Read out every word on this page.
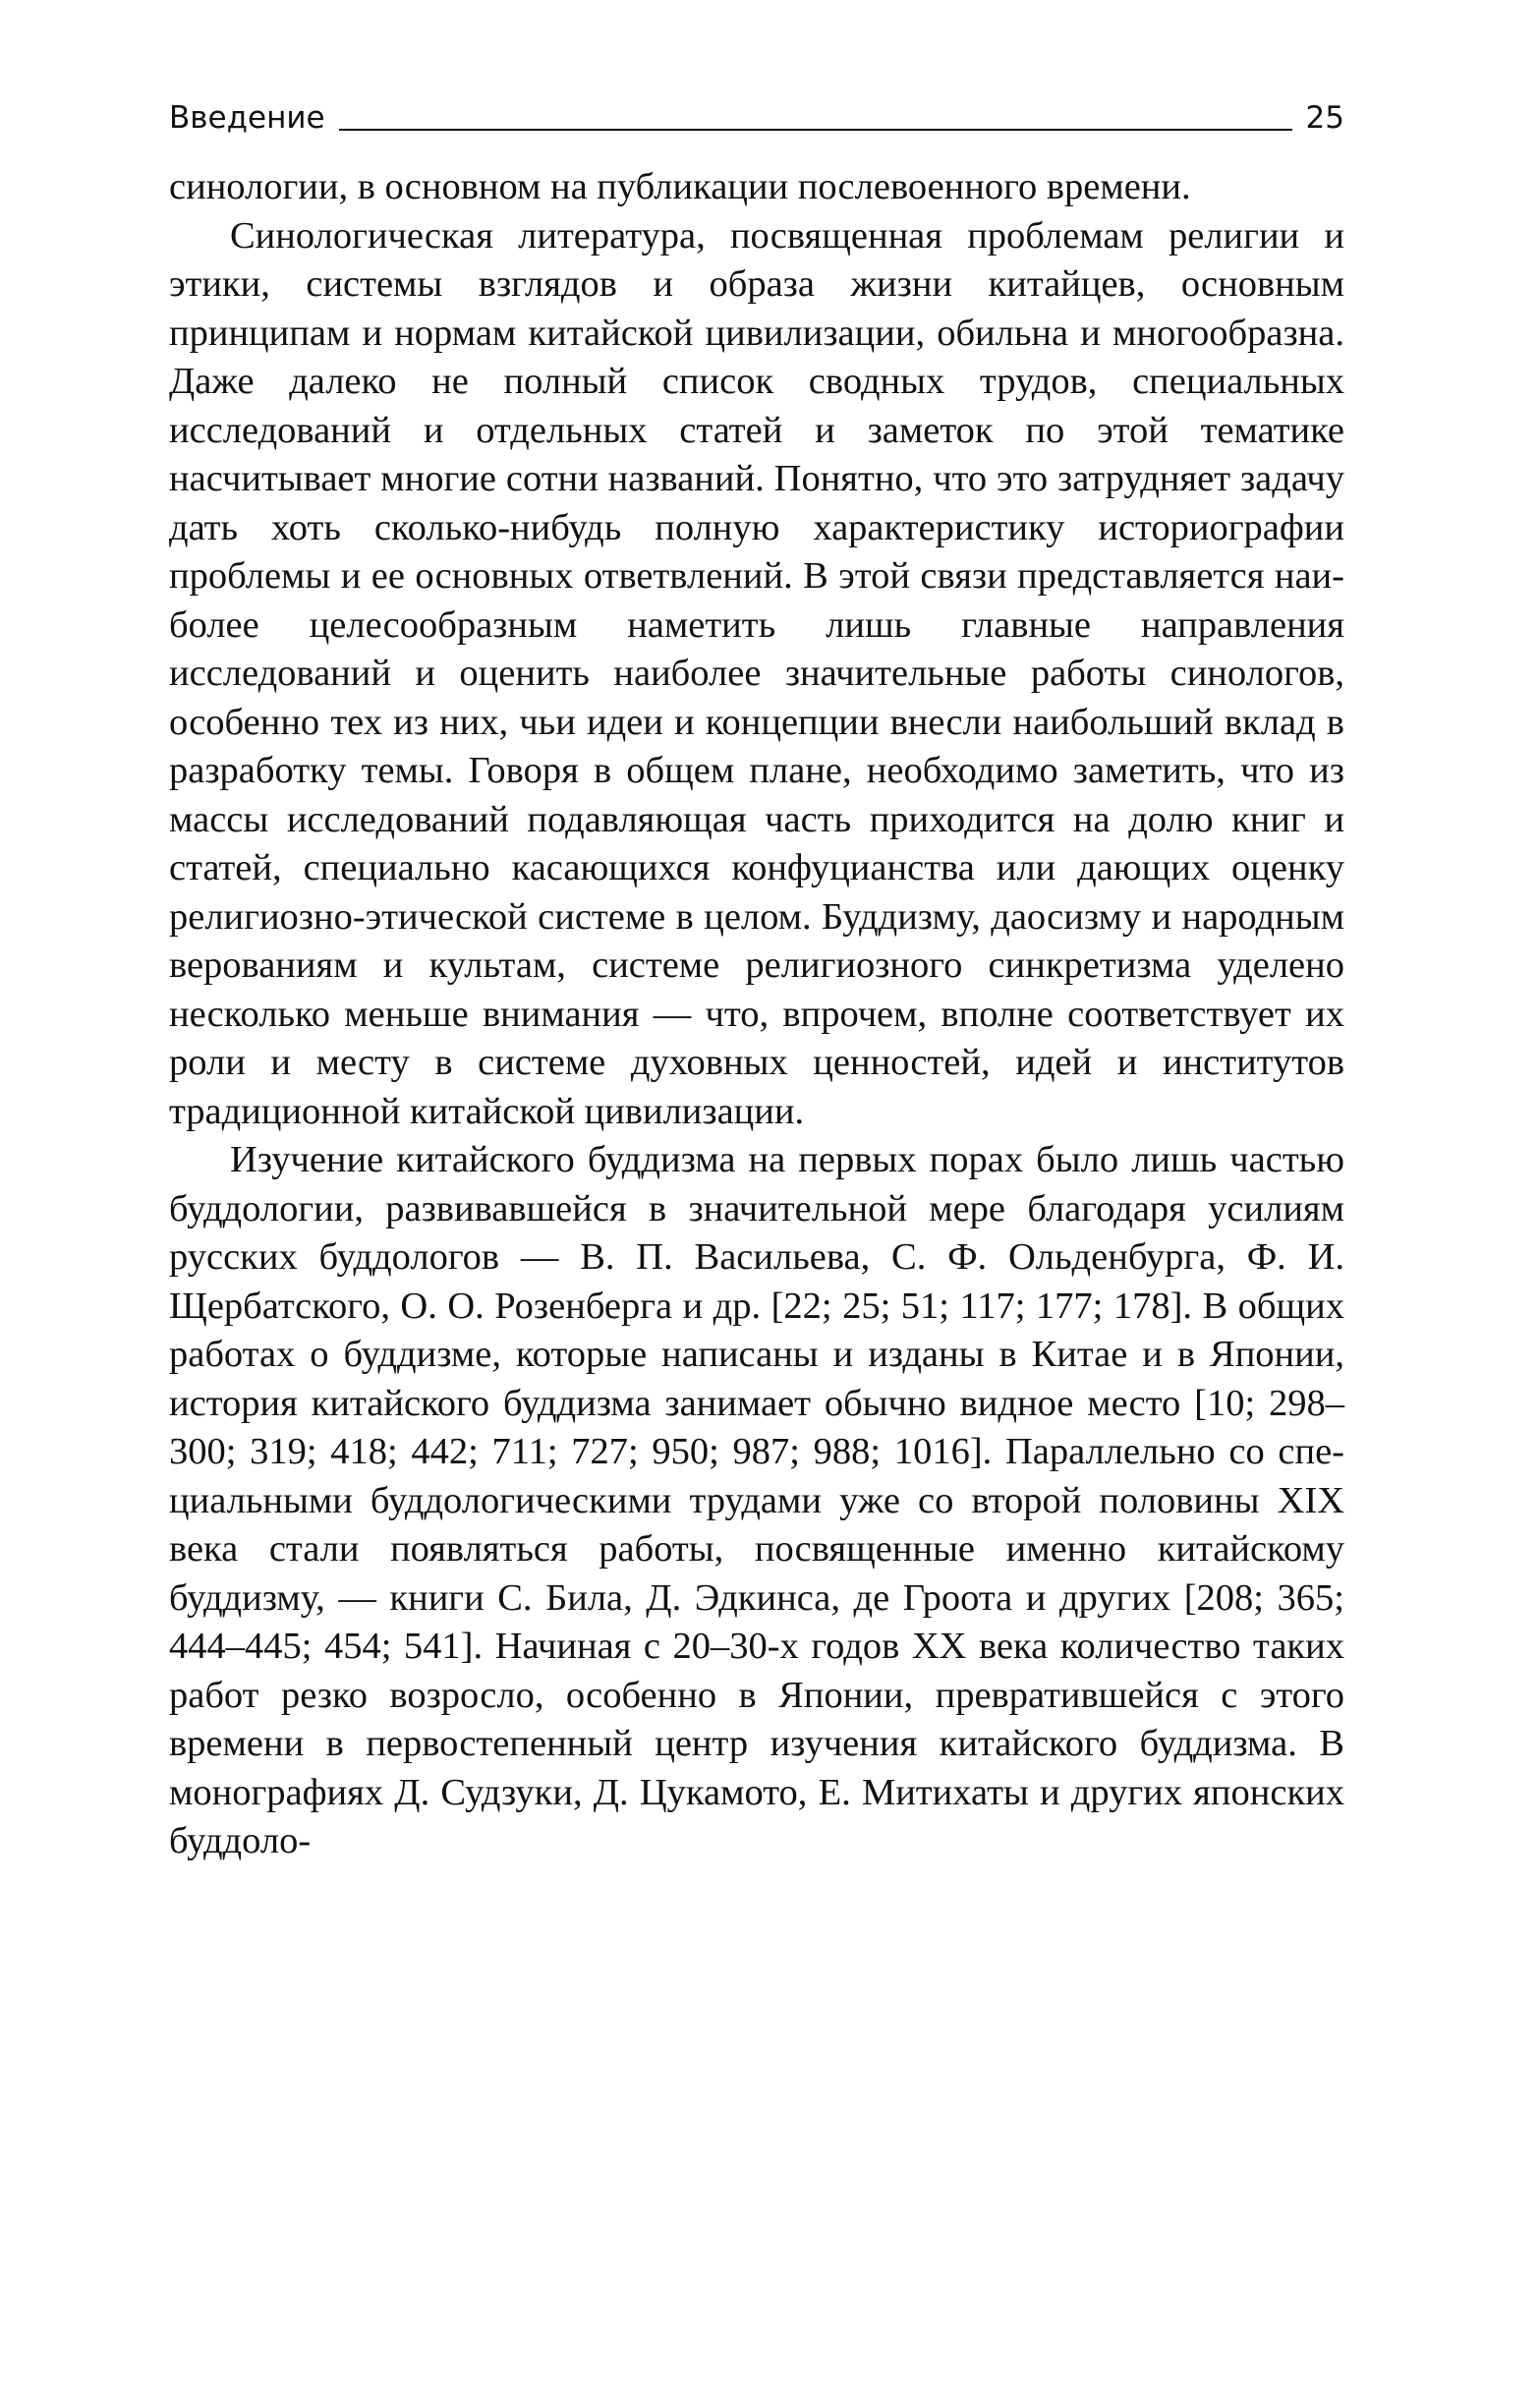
Введение	25

синологии, в основном на публикации послевоенного времени.

Синологическая литература, посвященная проблемам религии и этики, системы взглядов и образа жизни китайцев, основным принципам и нормам китайской цивилизации, обильна и многообразна. Даже далеко не полный список сводных трудов, специальных исследований и отдельных статей и заметок по этой тематике насчитывает многие сотни названий. Понятно, что это затрудняет задачу дать хоть сколько-нибудь полную характеристику историографии проблемы и ее основных ответвлений. В этой связи представляется наиболее целесообразным наметить лишь главные направления исследований и оценить наиболее значительные работы синологов, особенно тех из них, чьи идеи и концепции внесли наибольший вклад в разработку темы. Говоря в общем плане, необходимо заметить, что из массы исследований подавляющая часть приходится на долю книг и статей, специально касающихся конфуцианства или дающих оценку религиозно-этической системе в целом. Буддизму, даосизму и народным верованиям и культам, системе религиозного синкретизма уделено несколько меньше внимания — что, впрочем, вполне соответствует их роли и месту в системе духовных ценностей, идей и институтов традиционной китайской цивилизации.

Изучение китайского буддизма на первых порах было лишь частью буддологии, развивавшейся в значительной мере благодаря усилиям русских буддологов — В. П. Васильева, С. Ф. Ольденбурга, Ф. И. Щербатского, О. О. Розенберга и др. [22; 25; 51; 117; 177; 178]. В общих работах о буддизме, которые написаны и изданы в Китае и в Японии, история китайского буддизма занимает обычно видное место [10; 298–300; 319; 418; 442; 711; 727; 950; 987; 988; 1016]. Параллельно со специальными буддологическими трудами уже со второй половины XIX века стали появляться работы, посвященные именно китайскому буддизму, — книги С. Била, Д. Эдкинса, де Гроота и других [208; 365; 444–445; 454; 541]. Начиная с 20–30-х годов XX века количество таких работ резко возросло, особенно в Японии, превратившейся с этого времени в первостепенный центр изучения китайского буддизма. В монографиях Д. Судзуки, Д. Цукамото, Е. Митихаты и других японских буддоло-
